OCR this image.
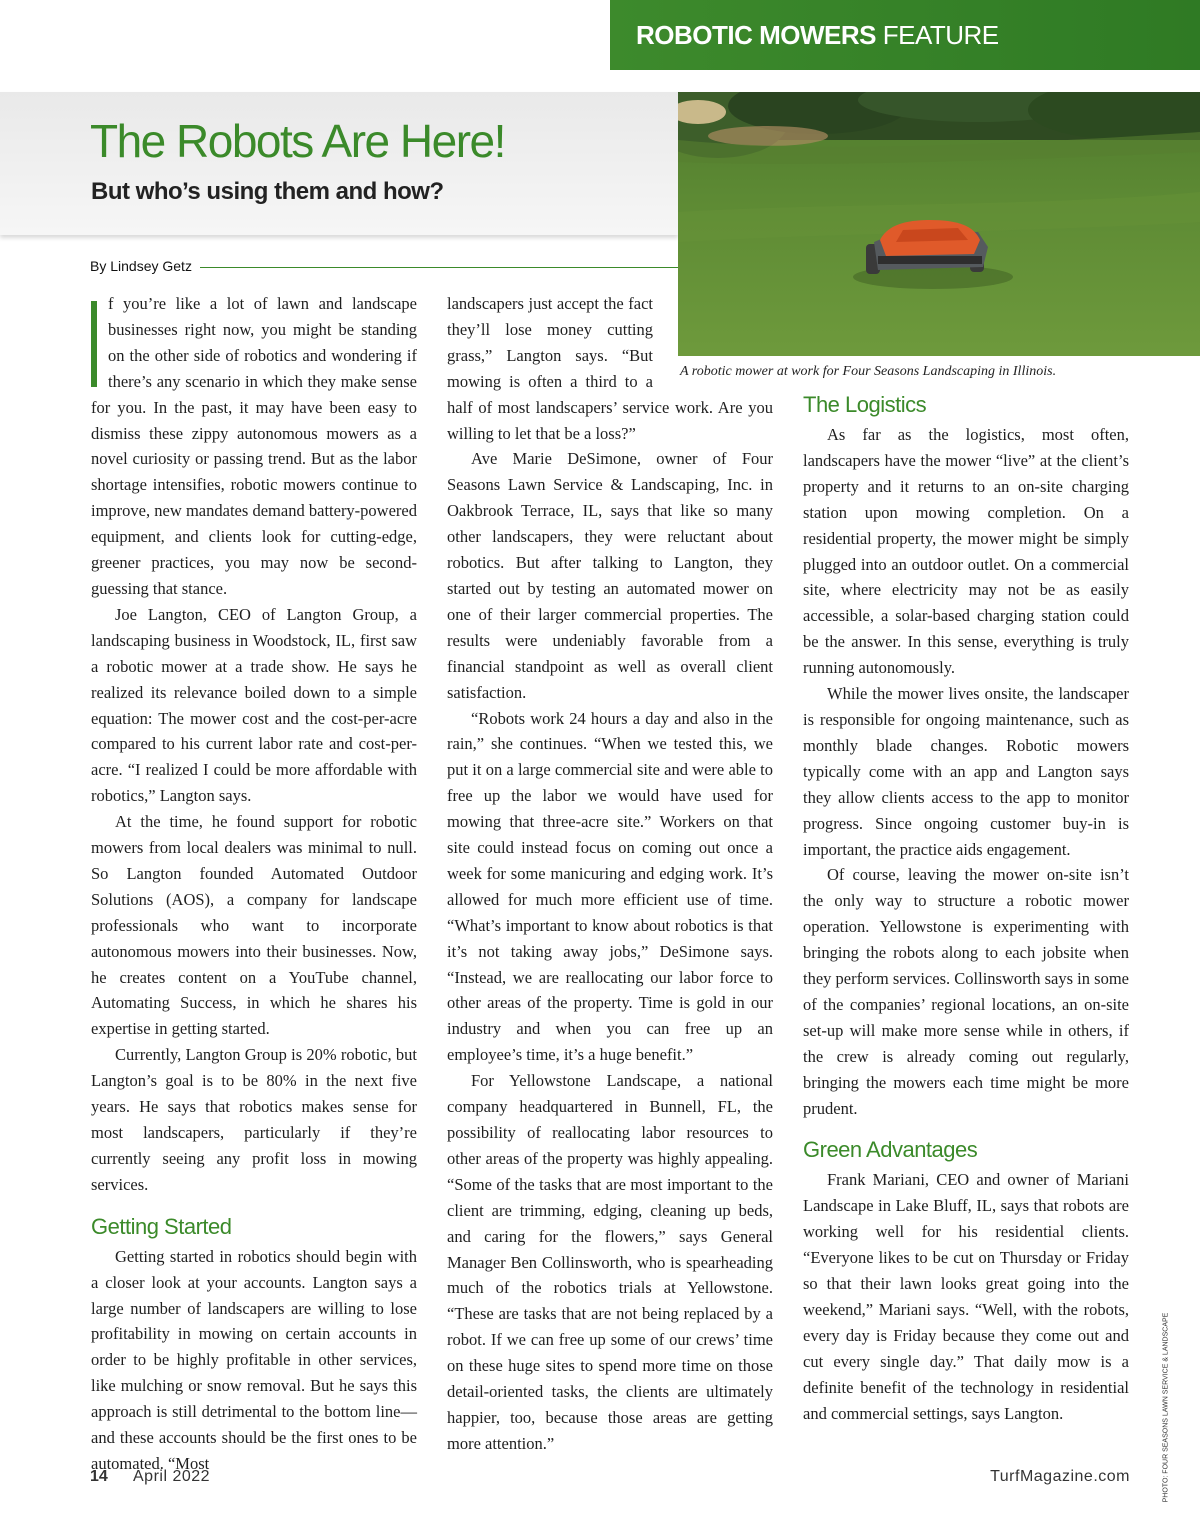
ROBOTIC MOWERS FEATURE
The Robots Are Here!
But who’s using them and how?
A robotic mower at work for Four Seasons Landscaping in Illinois.
By Lindsey Getz

f you’re like a lot of lawn and landscape businesses right now, you might be standing on the other side of robotics and wondering if there’s any scenario in which they make sense for you. In the past, it may have been easy to dismiss these zippy autonomous mowers as a novel curiosity or passing trend. But as the labor shortage intensifies, robotic mowers continue to improve, new mandates demand battery-powered equipment, and clients look for cutting-edge, greener practices, you may now be second-guessing that stance.

Joe Langton, CEO of Langton Group, a landscaping business in Woodstock, IL, first saw a robotic mower at a trade show. He says he realized its relevance boiled down to a simple equation: The mower cost and the cost-per-acre compared to his current labor rate and cost-per-acre. “I realized I could be more affordable with robotics,” Langton says.

At the time, he found support for robotic mowers from local dealers was minimal to null. So Langton founded Automated Outdoor Solutions (AOS), a company for landscape professionals who want to incorporate autonomous mowers into their businesses. Now, he creates content on a YouTube channel, Automating Success, in which he shares his expertise in getting started.

Currently, Langton Group is 20% robotic, but Langton’s goal is to be 80% in the next five years. He says that robotics makes sense for most landscapers, particularly if they’re currently seeing any profit loss in mowing services.

Getting Started

Getting started in robotics should begin with a closer look at your accounts. Langton says a large number of landscapers are willing to lose profitability in mowing on certain accounts in order to be highly profitable in other services, like mulching or snow removal. But he says this approach is still detrimental to the bottom line—and these accounts should be the first ones to be automated. “Most

landscapers just accept the fact they’ll lose money cutting grass,” Langton says. “But mowing is often a third to a half of most landscapers’ service work. Are you willing to let that be a loss?”

Ave Marie DeSimone, owner of Four Seasons Lawn Service & Landscaping, Inc. in Oakbrook Terrace, IL, says that like so many other landscapers, they were reluctant about robotics. But after talking to Langton, they started out by testing an automated mower on one of their larger commercial properties. The results were undeniably favorable from a financial standpoint as well as overall client satisfaction.

“Robots work 24 hours a day and also in the rain,” she continues. “When we tested this, we put it on a large commercial site and were able to free up the labor we would have used for mowing that three-acre site.” Workers on that site could instead focus on coming out once a week for some manicuring and edging work. It’s allowed for much more efficient use of time. “What’s important to know about robotics is that it’s not taking away jobs,” DeSimone says. “Instead, we are reallocating our labor force to other areas of the property. Time is gold in our industry and when you can free up an employee’s time, it’s a huge benefit.”

For Yellowstone Landscape, a national company headquartered in Bunnell, FL, the possibility of reallocating labor resources to other areas of the property was highly appealing. “Some of the tasks that are most important to the client are trimming, edging, cleaning up beds, and caring for the flowers,” says General Manager Ben Collinsworth, who is spearheading much of the robotics trials at Yellowstone. “These are tasks that are not being replaced by a robot. If we can free up some of our crews’ time on these huge sites to spend more time on those detail-oriented tasks, the clients are ultimately happier, too, because those areas are getting more attention.”

The Logistics

As far as the logistics, most often, landscapers have the mower “live” at the client’s property and it returns to an on-site charging station upon mowing completion. On a residential property, the mower might be simply plugged into an outdoor outlet. On a commercial site, where electricity may not be as easily accessible, a solar-based charging station could be the answer. In this sense, everything is truly running autonomously.

While the mower lives onsite, the landscaper is responsible for ongoing maintenance, such as monthly blade changes. Robotic mowers typically come with an app and Langton says they allow clients access to the app to monitor progress. Since ongoing customer buy-in is important, the practice aids engagement.

Of course, leaving the mower on-site isn’t the only way to structure a robotic mower operation. Yellowstone is experimenting with bringing the robots along to each jobsite when they perform services. Collinsworth says in some of the companies’ regional locations, an on-site set-up will make more sense while in others, if the crew is already coming out regularly, bringing the mowers each time might be more prudent.

Green Advantages

Frank Mariani, CEO and owner of Mariani Landscape in Lake Bluff, IL, says that robots are working well for his residential clients. “Everyone likes to be cut on Thursday or Friday so that their lawn looks great going into the weekend,” Mariani says. “Well, with the robots, every day is Friday because they come out and cut every single day.” That daily mow is a definite benefit of the technology in residential and commercial settings, says Langton.	PHOTO: FOUR SEASONS LAWN SERVICE & LANDSCAPE
14 April 2022	TurfMagazine.com
